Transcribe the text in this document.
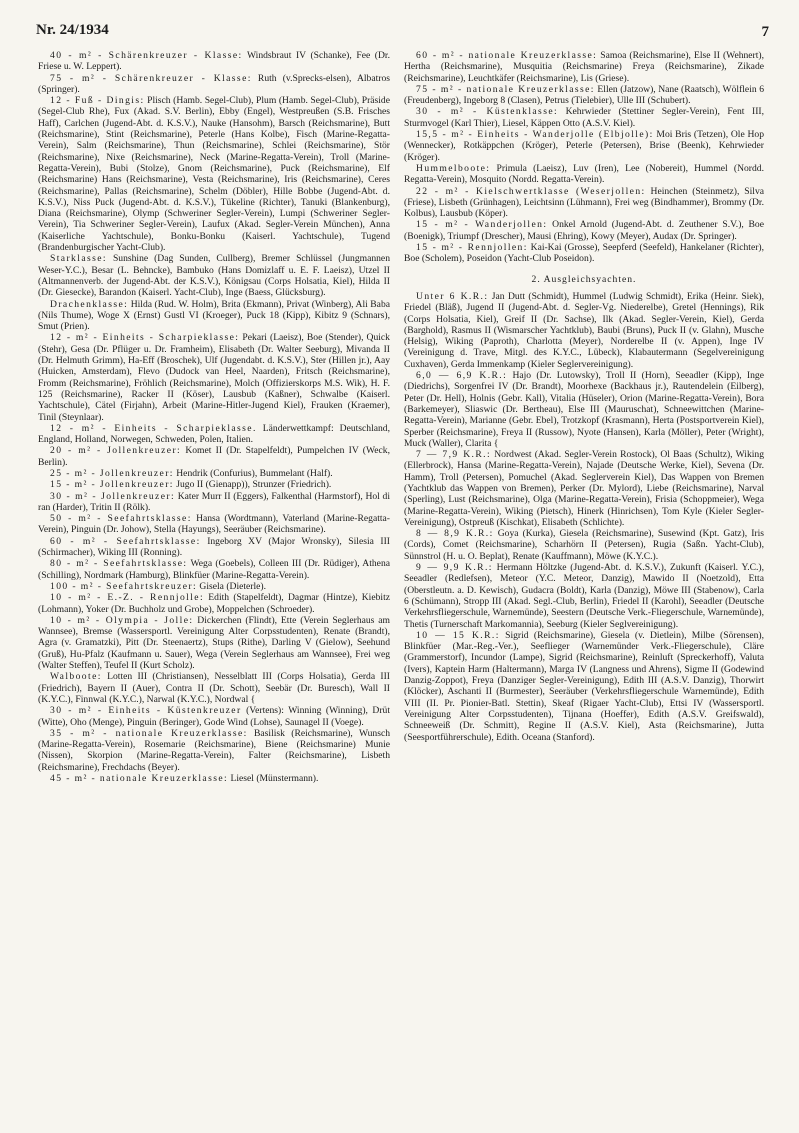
Nr. 24/1934	7

40 - m² - Schärenkreuzer - Klasse: Windsbraut IV (Schanke), Fee (Dr. Friese u. W. Leppert).

75 - m² - Schärenkreuzer - Klasse: Ruth (v.Sprecks-elsen), Albatros (Springer).

12 - Fuß - Dingis: Plisch (Hamb. Segel-Club), Plum (Hamb. Segel-Club), Präside (Segel-Club Rhe), Fux (Akad. S.V. Berlin), Ebby (Engel), Westpreußen (S.B. Frisches Haff), Carlchen (Jugend-Abt. d. K.S.V.), Nauke (Hansohm), Barsch (Reichsmarine), Butt (Reichsmarine), Stint (Reichsmarine), Peterle (Hans Kolbe), Fisch (Marine-Regatta-Verein), Salm (Reichsmarine), Thun (Reichsmarine), Schlei (Reichsmarine), Stör (Reichsmarine), Nixe (Reichsmarine), Neck (Marine-Regatta-Verein), Troll (Marine-Regatta-Verein), Bubi (Stolze), Gnom (Reichsmarine), Puck (Reichsmarine), Elf (Reichsmarine) Hans (Reichsmarine), Vesta (Reichsmarine), Iris (Reichsmarine), Ceres (Reichsmarine), Pallas (Reichsmarine), Schelm (Döbler), Hille Bobbe (Jugend-Abt. d. K.S.V.), Niss Puck (Jugend-Abt. d. K.S.V.), Tükeline (Richter), Tanuki (Blankenburg), Diana (Reichsmarine), Olymp (Schweriner Segler-Verein), Lumpi (Schweriner Segler-Verein), Tia Schweriner Segler-Verein), Laufux (Akad. Segler-Verein München), Anna (Kaiserliche Yachtschule), Bonku-Bonku (Kaiserl. Yachtschule), Tugend (Brandenburgischer Yacht-Club).

Starklasse: Sunshine (Dag Sunden, Cullberg), Bremer Schlüssel (Jungmannen Weser-Y.C.), Besar (L. Behncke), Bambuko (Hans Domizlaff u. E. F. Laeisz), Utzel II (Altmannenverb. der Jugend-Abt. der K.S.V.), Königsau (Corps Holsatia, Kiel), Hilda II (Dr. Giesecke), Barandon (Kaiserl. Yacht-Club), Inge (Baess, Glücksburg).

Drachenklasse: Hilda (Rud. W. Holm), Brita (Ekmann), Privat (Winberg), Ali Baba (Nils Thume), Woge X (Ernst) Gustl VI (Kroeger), Puck 18 (Kipp), Kibitz 9 (Schnars), Smut (Prien).

12 - m² - Einheits - Scharpieklasse: Pekari (Laeisz), Boe (Stender), Quick (Stehr), Gesa (Dr. Pflüger u. Dr. Framheim), Elisabeth (Dr. Walter Seeburg), Mivanda II (Dr. Helmuth Grimm), Ha-Eff (Broschek), Ulf (Jugendabt. d. K.S.V.), Ster (Hillen jr.), Aay (Huicken, Amsterdam), Flevo (Dudock van Heel, Naarden), Fritsch (Reichsmarine), Fromm (Reichsmarine), Fröhlich (Reichsmarine), Molch (Offizierskorps M.S. Wik), H. F. 125 (Reichsmarine), Racker II (Köser), Lausbub (Kaßner), Schwalbe (Kaiserl. Yachtschule), Cätel (Firjahn), Arbeit (Marine-Hitler-Jugend Kiel), Frauken (Kraemer), Tinil (Steynlaar).

12 - m² - Einheits - Scharpieklasse. Länderwettkampf: Deutschland, England, Holland, Norwegen, Schweden, Polen, Italien.

20 - m² - Jollenkreuzer: Komet II (Dr. Stapelfeldt), Pumpelchen IV (Weck, Berlin).

25 - m² - Jollenkreuzer: Hendrik (Confurius), Bummelant (Half).

15 - m² - Jollenkreuzer: Jugo II (Gienapp)), Strunzer (Friedrich).

30 - m² - Jollenkreuzer: Kater Murr II (Eggers), Falkenthal (Harmstorf), Hol di ran (Harder), Tritin II (Rölk).

50 - m² - Seefahrtsklasse: Hansa (Wordtmann), Vaterland (Marine-Regatta-Verein), Pinguin (Dr. Johow), Stella (Hayungs), Seeräuber (Reichsmarine).

60 - m² - Seefahrtsklasse: Ingeborg XV (Major Wronsky), Silesia III (Schirmacher), Wiking III (Ronning).

80 - m² - Seefahrtsklasse: Wega (Goebels), Colleen III (Dr. Rüdiger), Athena (Schilling), Nordmark (Hamburg), Blinkfüer (Marine-Regatta-Verein).

100 - m² - Seefahrtskreuzer: Gisela (Dieterle).

10 - m² - E.-Z. - Rennjolle: Edith (Stapelfeldt), Dagmar (Hintze), Kiebitz (Lohmann), Yoker (Dr. Buchholz und Grobe), Moppelchen (Schroeder).

10 - m² - Olympia - Jolle: Dickerchen (Flindt), Ette (Verein Seglerhaus am Wannsee), Bremse (Wassersportl. Vereinigung Alter Corpsstudenten), Renate (Brandt), Agra (v. Gramatzki), Pitt (Dr. Steenaertz), Stups (Rithe), Darling V (Gielow), Seehund (Gruß), Hu-Pfalz (Kaufmann u. Sauer), Wega (Verein Seglerhaus am Wannsee), Frei weg (Walter Steffen), Teufel II (Kurt Scholz).

Walboote: Lotten III (Christiansen), Nesselblatt III (Corps Holsatia), Gerda III (Friedrich), Bayern II (Auer), Contra II (Dr. Schott), Seebär (Dr. Buresch), Wall II (K.Y.C.), Finnwal (K.Y.C.), Narwal (K.Y.C.), Nordwal {

30 - m² - Einheits - Küstenkreuzer (Vertens): Winning (Winning), Drüt (Witte), Oho (Menge), Pinguin (Beringer), Gode Wind (Lohse), Saunagel II (Voege).

35 - m² - nationale Kreuzerklasse: Basilisk (Reichsmarine), Wunsch (Marine-Regatta-Verein), Rosemarie (Reichsmarine), Biene (Reichsmarine) Munie (Nissen), Skorpion (Marine-Regatta-Verein), Falter (Reichsmarine), Lisbeth (Reichsmarine), Frechdachs (Beyer).

45 - m² - nationale Kreuzerklasse: Liesel (Münstermann).

60 - m² - nationale Kreuzerklasse: Samoa (Reichsmarine), Else II (Wehnert), Hertha (Reichsmarine), Musquitia (Reichsmarine) Freya (Reichsmarine), Zikade (Reichsmarine), Leuchtkäfer (Reichsmarine), Lis (Griese).

75 - m² - nationale Kreuzerklasse: Ellen (Jatzow), Nane (Raatsch), Wölflein 6 (Freudenberg), Ingeborg 8 (Clasen), Petrus (Tielebier), Ulle III (Schubert).

30 - m² - Küstenklasse: Kehrwieder (Stettiner Segler-Verein), Fent III, Sturmvogel (Karl Thier), Liesel, Käppen Otto (A.S.V. Kiel).

15,5 - m² - Einheits - Wanderjolle (Elbjolle): Moi Bris (Tetzen), Ole Hop (Wennecker), Rotkäppchen (Kröger), Peterle (Petersen), Brise (Beenk), Kehrwieder (Kröger).

Hummelboote: Primula (Laeisz), Luv (Iren), Lee (Nobereit), Hummel (Nordd. Regatta-Verein), Mosquito (Nordd. Regatta-Verein).

22 - m² - Kielschwertklasse (Weserjollen: Heinchen (Steinmetz), Silva (Friese), Lisbeth (Grünhagen), Leichtsinn (Lühmann), Frei weg (Bindhammer), Brommy (Dr. Kolbus), Lausbub (Köper).

15 - m² - Wanderjollen: Onkel Arnold (Jugend-Abt. d. Zeuthener S.V.), Boe (Boenigk), Triumpf (Drescher), Mausi (Ehring), Kowy (Meyer), Audax (Dr. Springer).

15 - m² - Rennjollen: Kai-Kai (Grosse), Seepferd (Seefeld), Hankelaner (Richter), Boe (Scholem), Poseidon (Yacht-Club Poseidon).

2. Ausgleichsyachten.

Unter 6 K.R.: Jan Dutt (Schmidt), Hummel (Ludwig Schmidt), Erika (Heinr. Siek), Friedel (Bläß), Jugend II (Jugend-Abt. d. Segler-Vg. Niederelbe), Gretel (Hennings), Rik (Corps Holsatia, Kiel), Greif II (Dr. Sachse), Ilk (Akad. Segler-Verein, Kiel), Gerda (Barghold), Rasmus II (Wismarscher Yachtklub), Baubi (Bruns), Puck II (v. Glahn), Musche (Helsig), Wiking (Paproth), Charlotta (Meyer), Norderelbe II (v. Appen), Inge IV (Vereinigung d. Trave, Mitgl. des K.Y.C., Lübeck), Klabautermann (Segelvereinigung Cuxhaven), Gerda Immenkamp (Kieler Seglervereinigung).

6,0 — 6,9 K.R.: Hajo (Dr. Lutowsky), Troll II (Horn), Seeadler (Kipp), Inge (Diedrichs), Sorgenfrei IV (Dr. Brandt), Moorhexe (Backhaus jr.), Rautendelein (Eilberg), Peter (Dr. Hell), Holnis (Gebr. Kall), Vitalia (Hüseler), Orion (Marine-Regatta-Verein), Bora (Barkemeyer), Sliaswic (Dr. Bertheau), Else III (Mauruschat), Schneewittchen (Marine-Regatta-Verein), Marianne (Gebr. Ebel), Trotzkopf (Krasmann), Herta (Postsportverein Kiel), Sperber (Reichsmarine), Freya II (Russow), Nyote (Hansen), Karla (Möller), Peter (Wright), Muck (Waller), Clarita {

7 — 7,9 K.R.: Nordwest (Akad. Segler-Verein Rostock), Ol Baas (Schultz), Wiking (Ellerbrock), Hansa (Marine-Regatta-Verein), Najade (Deutsche Werke, Kiel), Sevena (Dr. Hamm), Troll (Petersen), Pomuchel (Akad. Seglerverein Kiel), Das Wappen von Bremen (Yachtklub das Wappen von Bremen), Perker (Dr. Mylord), Liebe (Reichsmarine), Narval (Sperling), Lust (Reichsmarine), Olga (Marine-Regatta-Verein), Frisia (Schoppmeier), Wega (Marine-Regatta-Verein), Wiking (Pietsch), Hinerk (Hinrichsen), Tom Kyle (Kieler Segler-Vereinigung), Ostpreuß (Kischkat), Elisabeth (Schlichte).

8 — 8,9 K.R.: Goya (Kurka), Giesela (Reichsmarine), Susewind (Kpt. Gatz), Iris (Cords), Comet (Reichsmarine), Scharhörn II (Petersen), Rugia (Saßn. Yacht-Club), Sünnstrol (H. u. O. Beplat), Renate (Kauffmann), Möwe (K.Y.C.).

9 — 9,9 K.R.: Hermann Höltzke (Jugend-Abt. d. K.S.V.), Zukunft (Kaiserl. Y.C.), Seeadler (Redlefsen), Meteor (Y.C. Meteor, Danzig), Mawido II (Noetzold), Etta (Oberstleutn. a. D. Kewisch), Gudacra (Boldt), Karla (Danzig), Möwe III (Stabenow), Carla 6 (Schümann), Stropp III (Akad. Segl.-Club, Berlin), Friedel II (Karohl), Seeadler (Deutsche Verkehrsfliegerschule, Warnemünde), Seestern (Deutsche Verk.-Fliegerschule, Warnemünde), Thetis (Turnerschaft Markomannia), Seeburg (Kieler Seglvereinigung).

10 — 15 K.R.: Sigrid (Reichsmarine), Giesela (v. Dietlein), Milbe (Sörensen), Blinkfüer (Mar.-Reg.-Ver.), Seeflieger (Warnemünder Verk.-Fliegerschule), Cläre (Grammerstorf), Incundor (Lampe), Sigrid (Reichsmarine), Reinluft (Spreckerhoff), Valuta (Ivers), Kaptein Harm (Haltermann), Marga IV (Langness und Ahrens), Sigme II (Godewind Danzig-Zoppot), Freya (Danziger Segler-Vereinigung), Edith III (A.S.V. Danzig), Thorwirt (Klöcker), Aschanti II (Burmester), Seeräuber (Verkehrsfliegerschule Warnemünde), Edith VIII (II. Pr. Pionier-Batl. Stettin), Skeaf (Rigaer Yacht-Club), Ettsi IV (Wassersportl. Vereinigung Alter Corpsstudenten), Tijnana (Hoeffer), Edith (A.S.V. Greifswald), Schneeweiß (Dr. Schmitt), Regine II (A.S.V. Kiel), Asta (Reichsmarine), Jutta (Seesportführerschule), Edith. Oceana (Stanford).
